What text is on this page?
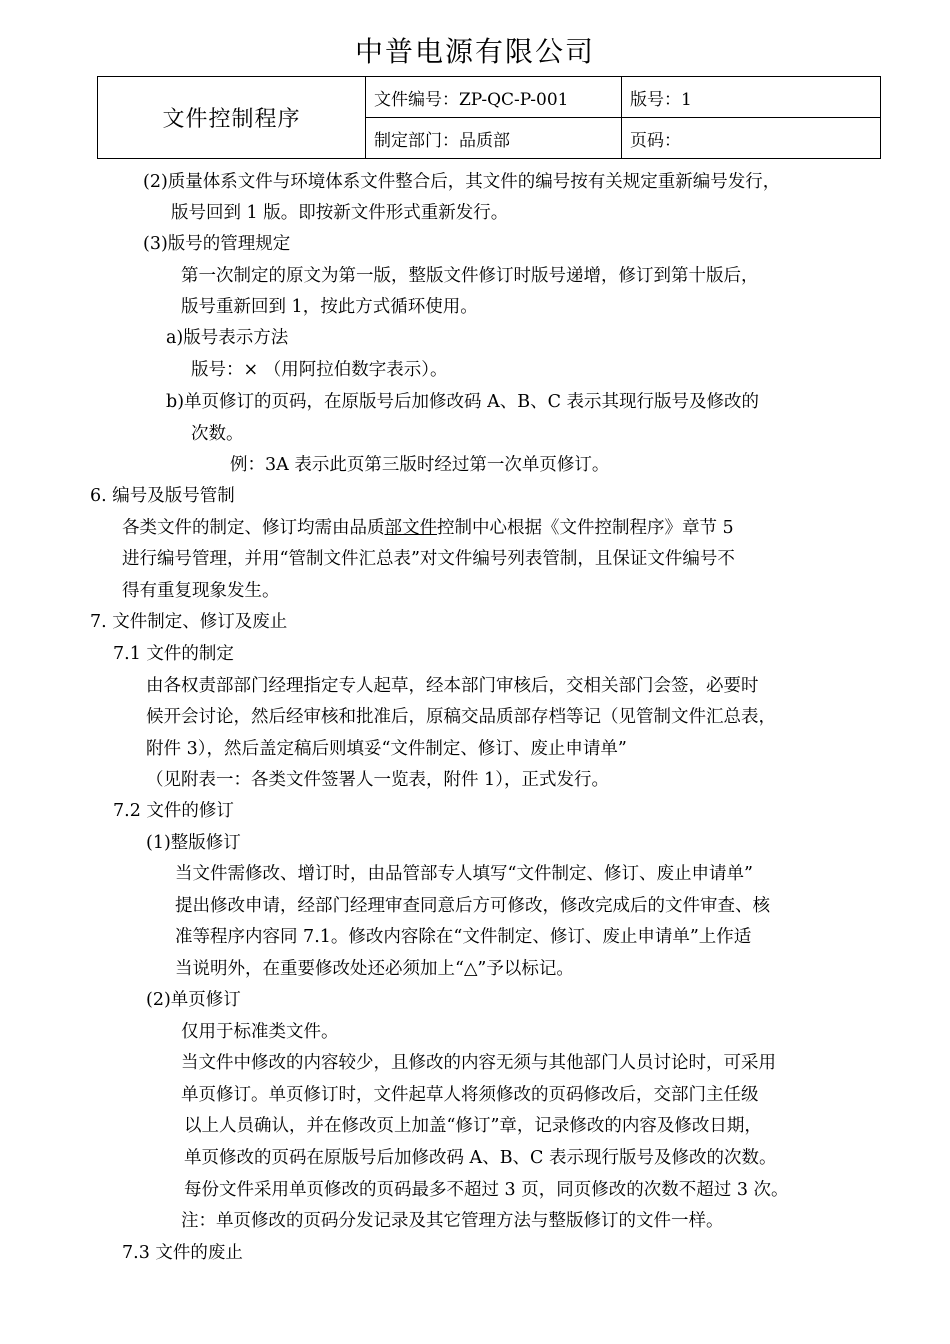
中普电源有限公司
文件控制程序	文件编号：ZP-QC-P-001	版号：1
	制定部门：品质部	页码：
(2)质量体系文件与环境体系文件整合后，其文件的编号按有关规定重新编号发行，
版号回到 1 版。即按新文件形式重新发行。
(3)版号的管理规定
第一次制定的原文为第一版，整版文件修订时版号递增，修订到第十版后，
版号重新回到 1，按此方式循环使用。
a)版号表示方法
版号：× （用阿拉伯数字表示）。
b)单页修订的页码，在原版号后加修改码 A、B、C 表示其现行版号及修改的
次数。
例：3A 表示此页第三版时经过第一次单页修订。
6. 编号及版号管制
各类文件的制定、修订均需由品质部文件控制中心根据《文件控制程序》章节 5
进行编号管理，并用“管制文件汇总表”对文件编号列表管制，且保证文件编号不
得有重复现象发生。
7. 文件制定、修订及废止
7.1 文件的制定
由各权责部部门经理指定专人起草，经本部门审核后，交相关部门会签，必要时
候开会讨论，然后经审核和批准后，原稿交品质部存档等记（见管制文件汇总表，
附件 3），然后盖定稿后则填妥“文件制定、修订、废止申请单”
（见附表一：各类文件签署人一览表，附件 1），正式发行。
7.2 文件的修订
(1)整版修订
当文件需修改、增订时，由品管部专人填写“文件制定、修订、废止申请单”
提出修改申请，经部门经理审查同意后方可修改，修改完成后的文件审查、核
准等程序内容同 7.1。修改内容除在“文件制定、修订、废止申请单”上作适
当说明外，在重要修改处还必须加上“△”予以标记。
(2)单页修订
仅用于标准类文件。
当文件中修改的内容较少，且修改的内容无须与其他部门人员讨论时，可采用
单页修订。单页修订时，文件起草人将须修改的页码修改后，交部门主任级
以上人员确认，并在修改页上加盖“修订”章，记录修改的内容及修改日期，
单页修改的页码在原版号后加修改码 A、B、C 表示现行版号及修改的次数。
每份文件采用单页修改的页码最多不超过 3 页，同页修改的次数不超过 3 次。
注：单页修改的页码分发记录及其它管理方法与整版修订的文件一样。
7.3 文件的废止
